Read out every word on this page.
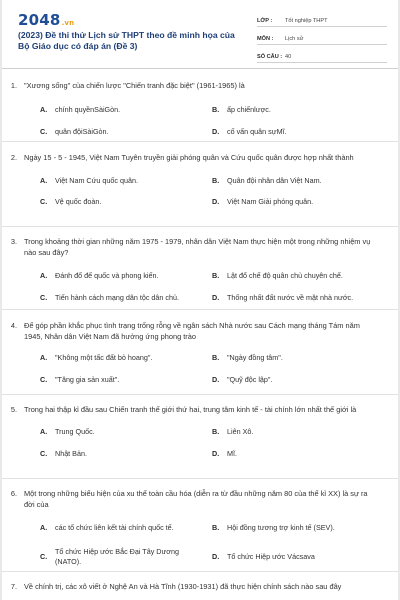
2048.vn
(2023) Đề thi thử Lịch sử THPT theo đề minh họa của Bộ Giáo dục có đáp án (Đề 3)
LỚP :	Tốt nghiệp THPT
MÔN :	Lịch sử
SỐ CÂU : 40
1. "Xương sống" của chiến lược "Chiến tranh đặc biệt" (1961-1965) là
A.	chính quyềnSàiGòn.	B.	ấp chiếnlược.
C.	quân độiSàiGòn.	D.	cố vấn quân sựMĩ.
2. Ngày 15 - 5 - 1945, Việt Nam Tuyên truyền giải phóng quân và Cứu quốc quân được hợp nhất thành
A.	Việt Nam Cứu quốc quân.	B.	Quân đội nhân dân Việt Nam.
C.	Vệ quốc đoàn.	D.	Việt Nam Giải phóng quân.
3. Trong khoảng thời gian những năm 1975 - 1979, nhân dân Việt Nam thực hiện một trong những nhiệm vụ nào sau đây?
A.	Đánh đổ đế quốc và phong kiến.	B.	Lật đổ chế độ quân chủ chuyên chế.
C.	Tiến hành cách mạng dân tộc dân chủ.	D.	Thống nhất đất nước về mặt nhà nước.
4. Để góp phần khắc phục tình trạng trống rỗng về ngân sách Nhà nước sau Cách mạng tháng Tám năm 1945, Nhân dân Việt Nam đã hưởng ứng phong trào
A.	"Không một tấc đất bỏ hoang".	B.	"Ngày đồng tâm".
C.	"Tăng gia sản xuất".	D.	"Quỹ độc lập".
5. Trong hai thập kỉ đầu sau Chiến tranh thế giới thứ hai, trung tâm kinh tế - tài chính lớn nhất thế giới là
A.	Trung Quốc.	B.	Liên Xô.
C.	Nhật Bản.	D.	Mĩ.
6. Một trong những biểu hiện của xu thế toàn cầu hóa (diễn ra từ đầu những năm 80 của thế kỉ XX) là sự ra đời của
A.	các tổ chức liên kết tài chính quốc tế.	B.	Hội đồng tương trợ kinh tế (SEV).
C.
Tổ chức Hiệp ước Bắc Đại Tây Dương (NATO).
D.	Tổ chức Hiệp ước Vácsava
7. Về chính trị, các xô viết ở Nghệ An và Hà Tĩnh (1930-1931) đã thực hiện chính sách nào sau đây
